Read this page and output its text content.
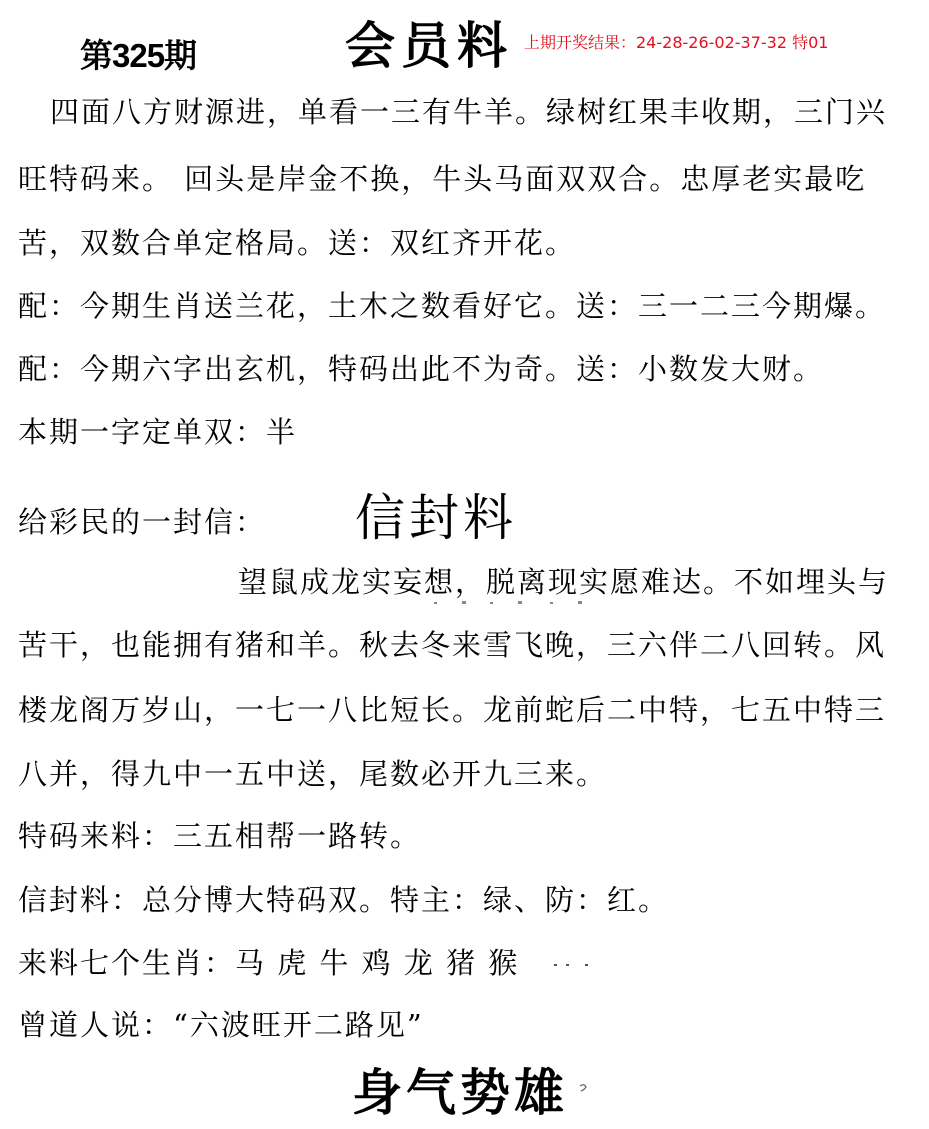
第325期	会员料 上期开奖结果：24-28-26-02-37-32 特01
四面八方财源进，单看一三有牛羊。绿树红果丰收期，三门兴
旺特码来。 回头是岸金不换，牛头马面双双合。忠厚老实最吃
苦，双数合单定格局。送：双红齐开花。
配：今期生肖送兰花，土木之数看好它。送：三一二三今期爆。
配：今期六字出玄机，特码出此不为奇。送：小数发大财。
本期一字定单双：半
给彩民的一封信： 信封料
望鼠成龙实妄想，脱离现实愿难达。不如埋头与
苦干，也能拥有猪和羊。秋去冬来雪飞晚，三六伴二八回转。风
楼龙阁万岁山，一七一八比短长。龙前蛇后二中特，七五中特三
八并，得九中一五中送，尾数必开九三来。
特码来料：三五相帮一路转。
信封料：总分博大特码双。特主：绿、防：红。
来料七个生肖：马 虎 牛 鸡 龙 猪 猴
曾道人说：“六波旺开二路见”
身气势雄
